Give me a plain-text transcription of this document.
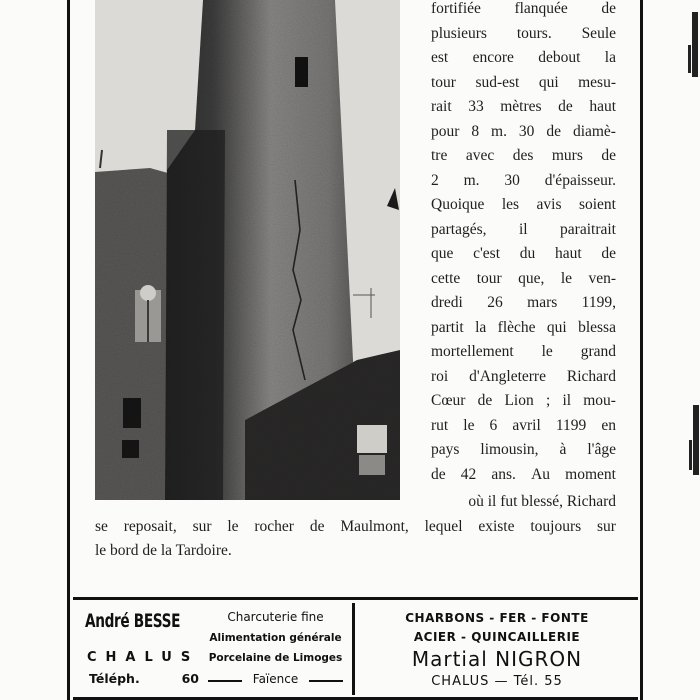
fortifiée flanquée de
plusieurs tours. Seule
est encore debout la
tour sud-est qui mesu-
rait 33 mètres de haut
pour 8 m. 30 de diamè-
tre avec des murs de
2 m. 30 d'épaisseur.
Quoique les avis soient
partagés, il paraitrait
que c'est du haut de
cette tour que, le ven-
dredi 26 mars 1199,
partit la flèche qui blessa
mortellement le grand
roi d'Angleterre Richard
Cœur de Lion ; il mou-
rut le 6 avril 1199 en
pays limousin, à l'âge
de 42 ans. Au moment
où il fut blessé, Richard
se reposait, sur le rocher de Maulmont, lequel existe toujours sur
le bord de la Tardoire.
André BESSE
CHALUS
Téléph.	60
Charcuterie fine
Alimentation générale
Porcelaine de Limoges
Faïence
CHARBONS - FER - FONTE
ACIER - QUINCAILLERIE
Martial NIGRON
CHALUS — Tél. 55
